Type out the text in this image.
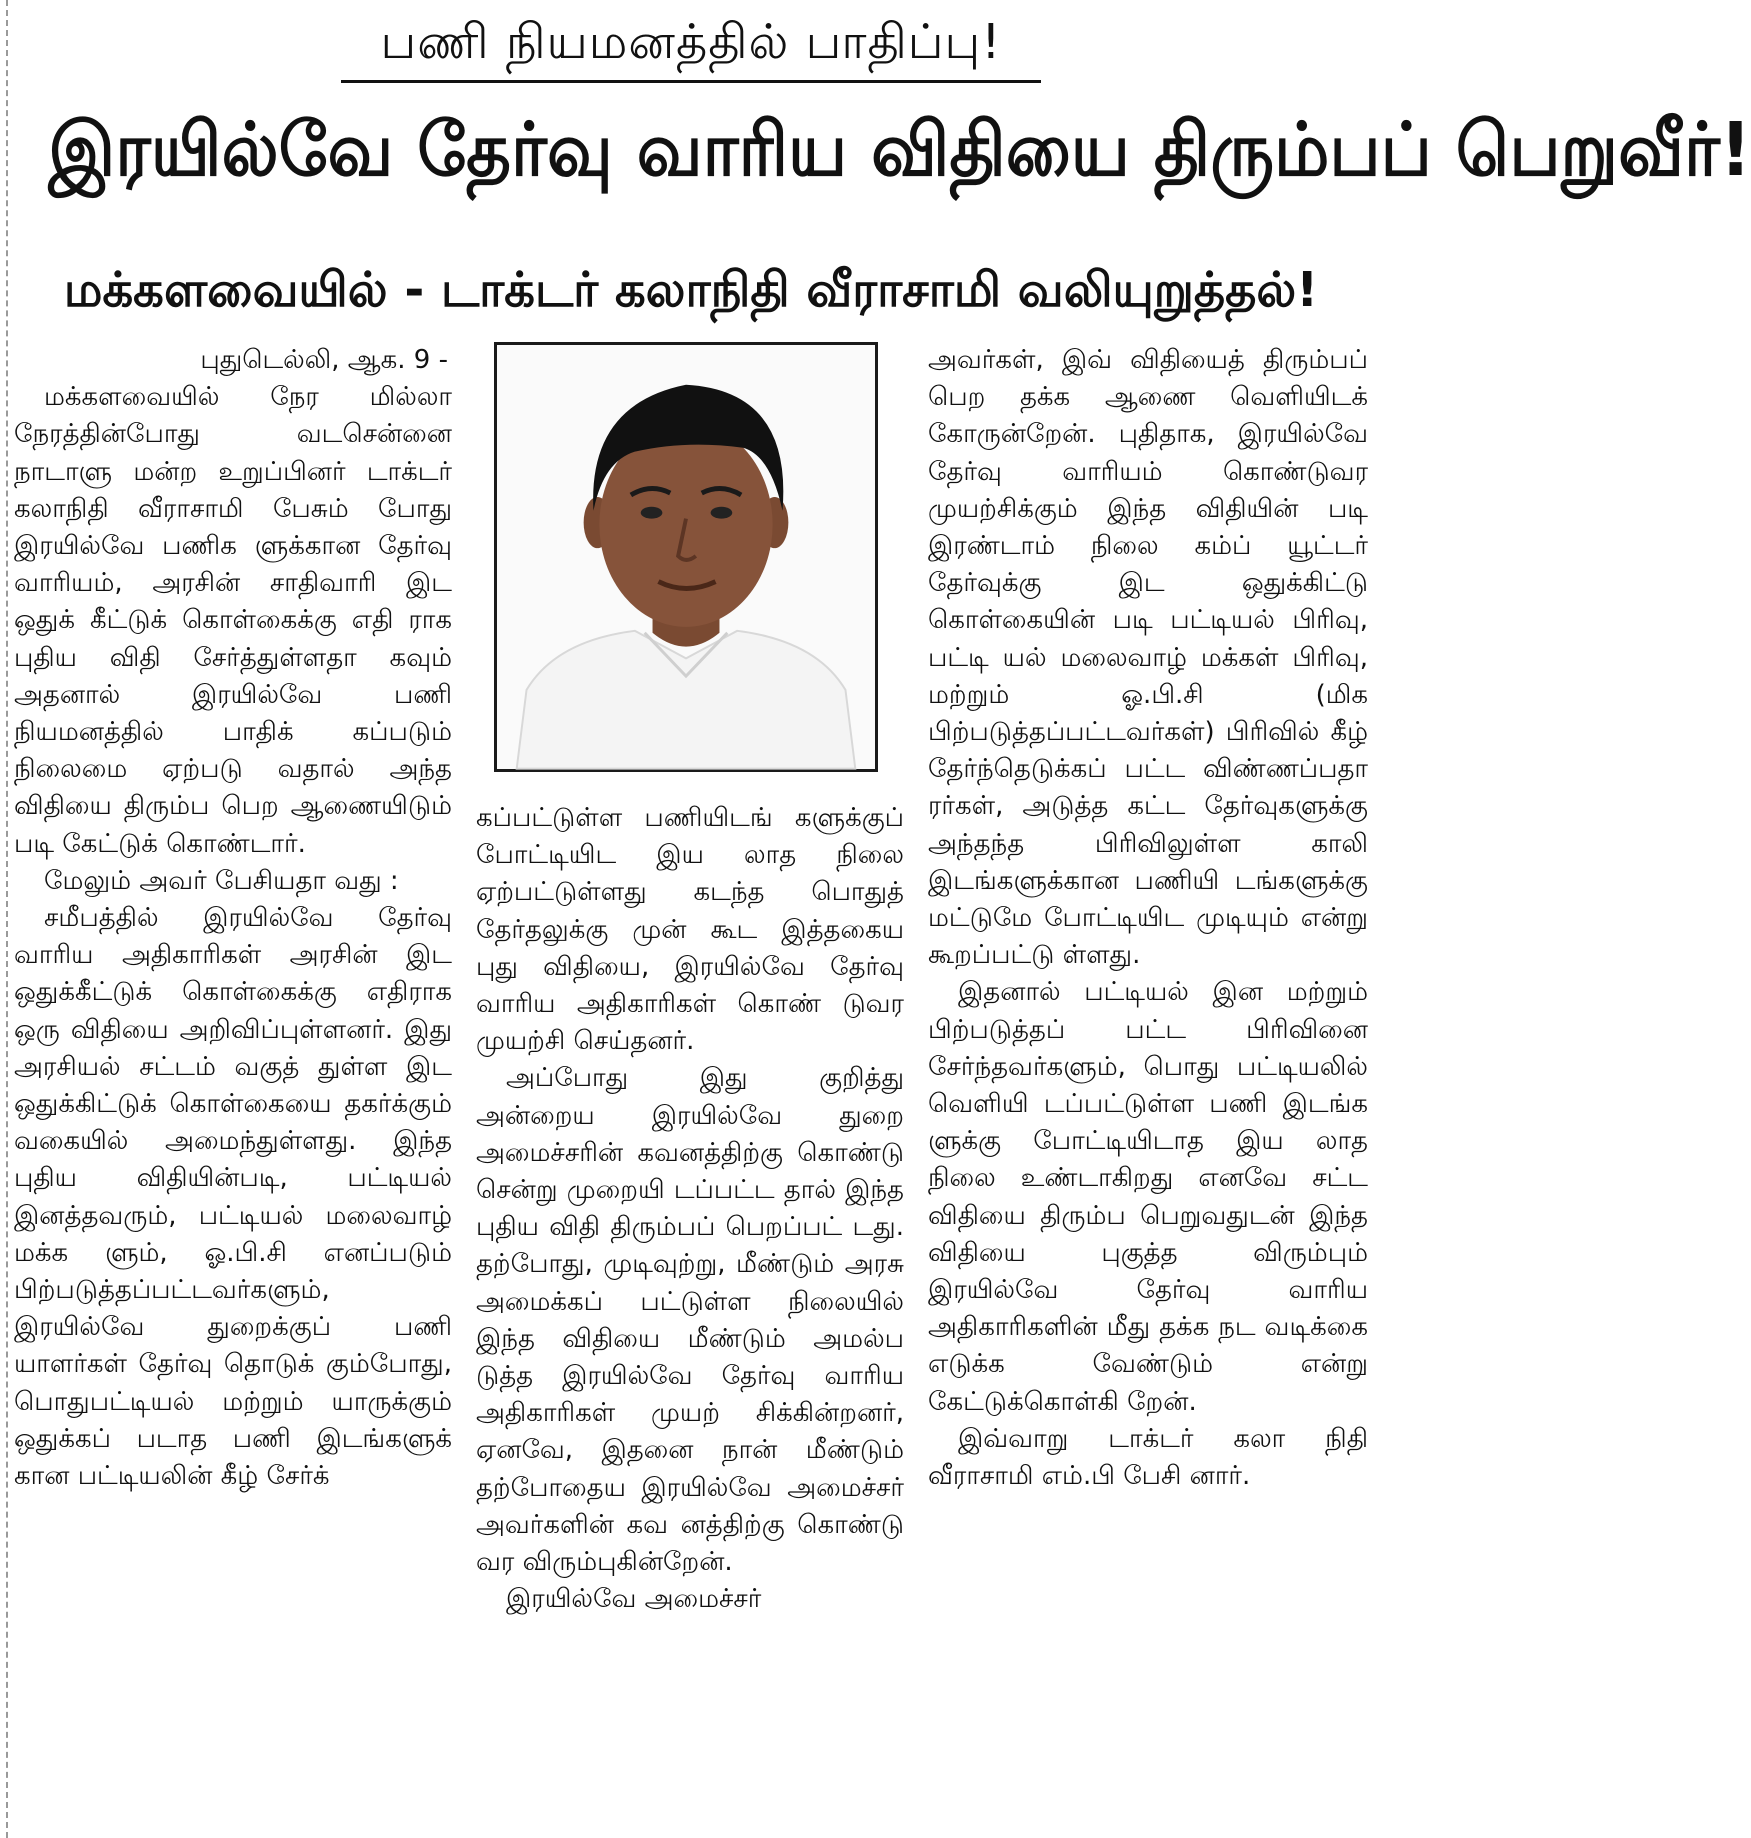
பணி நியமனத்தில் பாதிப்பு!
இரயில்வே தேர்வு வாரிய விதியை திரும்பப் பெறுவீர்!
மக்களவையில் - டாக்டர் கலாநிதி வீராசாமி வலியுறுத்தல்!

புதுடெல்லி, ஆக. 9 -

மக்களவையில் நேர மில்லா நேரத்தின்போது வடசென்னை நாடாளு மன்ற உறுப்பினர் டாக்டர் கலாநிதி வீராசாமி பேசும் போது இரயில்வே பணிக ளுக்கான தேர்வு வாரியம், அரசின் சாதிவாரி இட ஒதுக் கீட்டுக் கொள்கைக்கு எதி ராக புதிய விதி சேர்த்துள்ளதா கவும் அதனால் இரயில்வே பணி நியமனத்தில் பாதிக் கப்படும் நிலைமை ஏற்படு வதால் அந்த விதியை திரும்ப பெற ஆணையிடும் படி கேட்டுக் கொண்டார்.

மேலும் அவர் பேசியதா வது :

சமீபத்தில் இரயில்வே தேர்வு வாரிய அதிகாரிகள் அரசின் இட ஒதுக்கீட்டுக் கொள்கைக்கு எதிராக ஒரு விதியை அறிவிப்புள்ளனர். இது அரசியல் சட்டம் வகுத் துள்ள இட ஒதுக்கிட்டுக் கொள்கையை தகர்க்கும் வகையில் அமைந்துள்ளது. இந்த புதிய விதியின்படி, பட்டியல் இனத்தவரும், பட்டியல் மலைவாழ் மக்க ளும், ஓ.பி.சி எனப்படும் பிற்படுத்தப்பட்டவர்களும், இரயில்வே துறைக்குப் பணி யாளர்கள் தேர்வு தொடுக் கும்போது, பொதுபட்டியல் மற்றும் யாருக்கும் ஒதுக்கப் படாத பணி இடங்களுக் கான பட்டியலின் கீழ் சேர்க்

கப்பட்டுள்ள பணியிடங் களுக்குப் போட்டியிட இய லாத நிலை ஏற்பட்டுள்ளது கடந்த பொதுத் தேர்தலுக்கு முன் கூட இத்தகைய புது விதியை, இரயில்வே தேர்வு வாரிய அதிகாரிகள் கொண் டுவர முயற்சி செய்தனர்.

அப்போது இது குறித்து அன்றைய இரயில்வே துறை அமைச்சரின் கவனத்திற்கு கொண்டு சென்று முறையி டப்பட்ட தால் இந்த புதிய விதி திரும்பப் பெறப்பட் டது. தற்போது, முடிவுற்று, மீண்டும் அரசு அமைக்கப் பட்டுள்ள நிலையில் இந்த விதியை மீண்டும் அமல்ப டுத்த இரயில்வே தேர்வு வாரிய அதிகாரிகள் முயற் சிக்கின்றனர், ஏனவே, இதனை நான் மீண்டும் தற்போதைய இரயில்வே அமைச்சர் அவர்களின் கவ னத்திற்கு கொண்டு வர விரும்புகின்றேன்.

இரயில்வே அமைச்சர்

அவர்கள், இவ் விதியைத் திரும்பப் பெற தக்க ஆணை வெளியிடக் கோருன்றேன். புதிதாக, இரயில்வே தேர்வு வாரியம் கொண்டுவர முயற்சிக்கும் இந்த விதியின் படி இரண்டாம் நிலை கம்ப் யூட்டர் தேர்வுக்கு இட ஒதுக்கிட்டு கொள்கையின் படி பட்டியல் பிரிவு, பட்டி யல் மலைவாழ் மக்கள் பிரிவு, மற்றும் ஓ.பி.சி (மிக பிற்படுத்தப்பட்டவர்கள்) பிரிவில் கீழ் தேர்ந்தெடுக்கப் பட்ட விண்ணப்பதா ரர்கள், அடுத்த கட்ட தேர்வுகளுக்கு அந்தந்த பிரிவிலுள்ள காலி இடங்களுக்கான பணியி டங்களுக்கு மட்டுமே போட்டியிட முடியும் என்று கூறப்பட்டு ள்ளது.

இதனால் பட்டியல் இன மற்றும் பிற்படுத்தப் பட்ட பிரிவினை சேர்ந்தவர்களும், பொது பட்டியலில் வெளியி டப்பட்டுள்ள பணி இடங்க ளுக்கு போட்டியிடாத இய லாத நிலை உண்டாகிறது எனவே சட்ட விதியை திரும்ப பெறுவதுடன் இந்த விதியை புகுத்த விரும்பும் இரயில்வே தேர்வு வாரிய அதிகாரிகளின் மீது தக்க நட வடிக்கை எடுக்க வேண்டும் என்று கேட்டுக்கொள்கி றேன்.

இவ்வாறு டாக்டர் கலா நிதி வீராசாமி எம்.பி பேசி னார்.
